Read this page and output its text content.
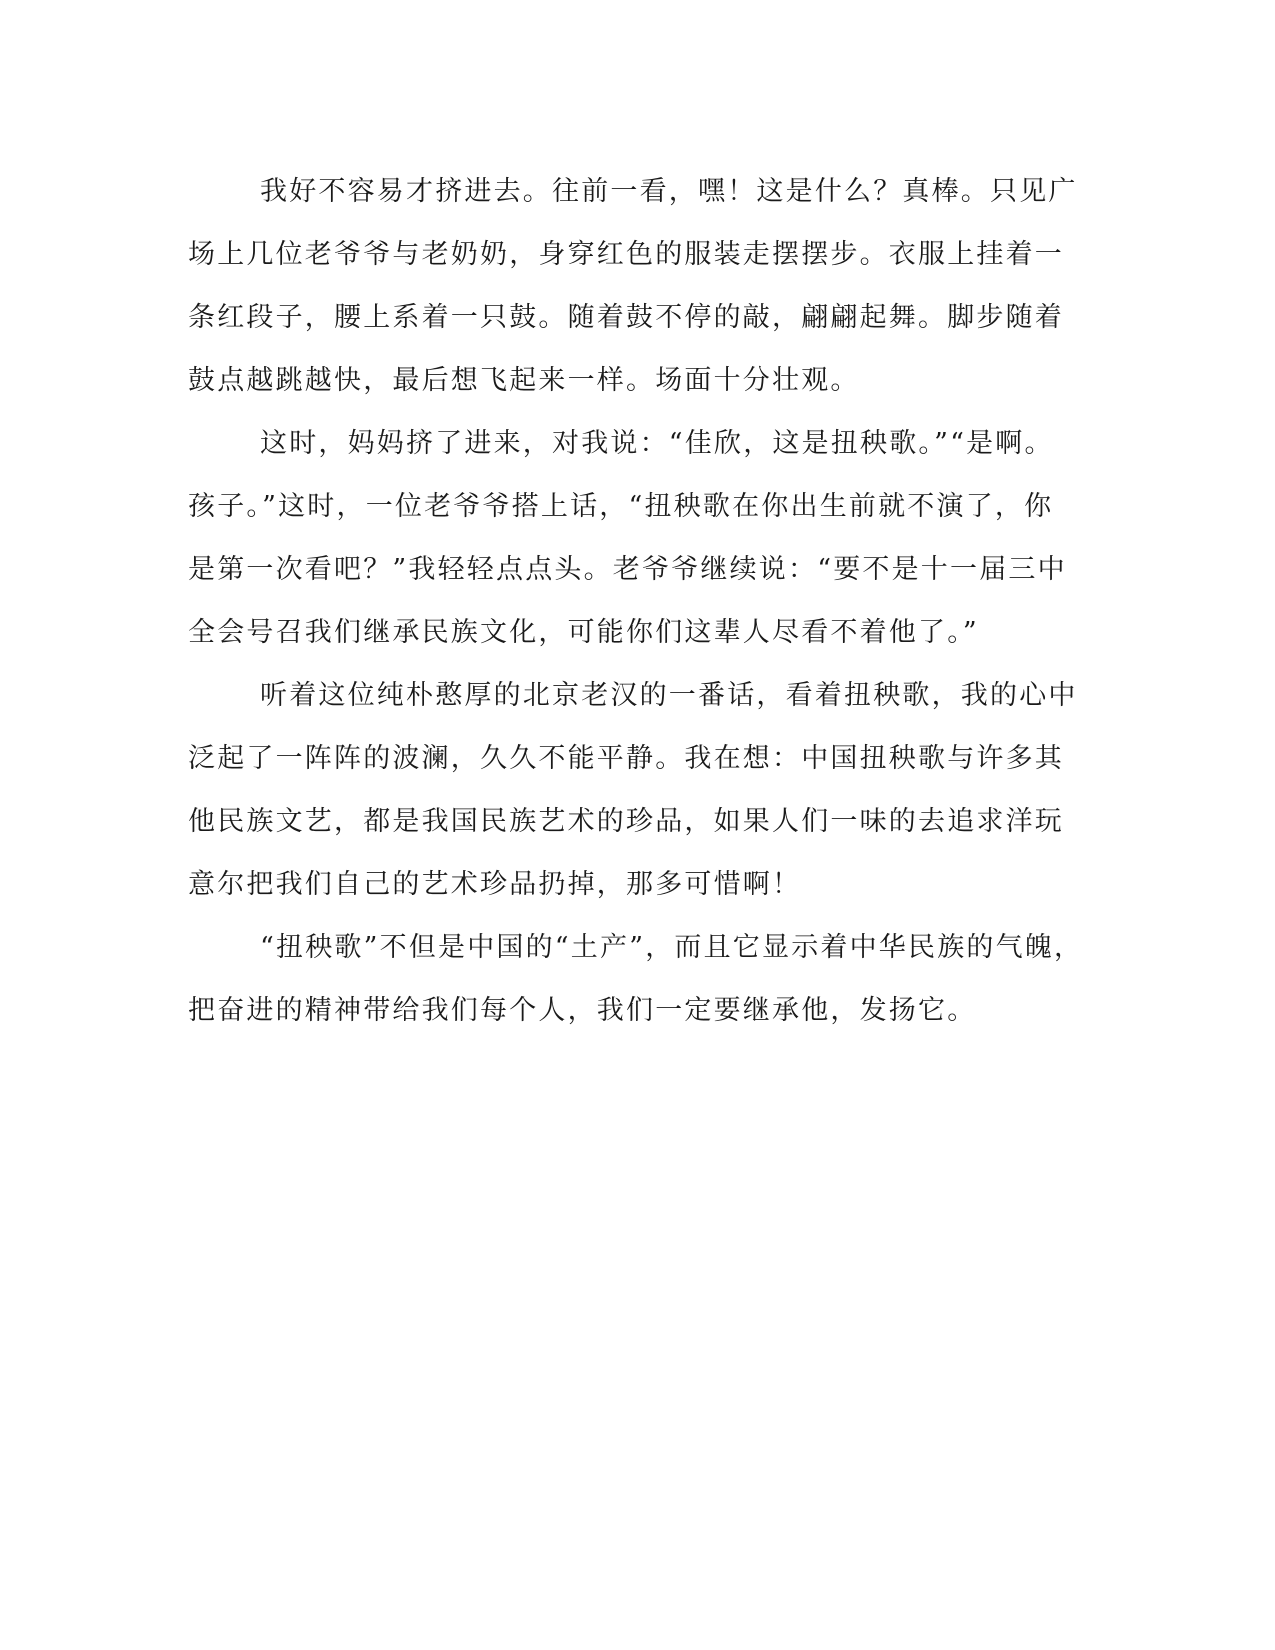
我好不容易才挤进去。往前一看，嘿！这是什么？真棒。只见广
场上几位老爷爷与老奶奶，身穿红色的服装走摆摆步。衣服上挂着一
条红段子，腰上系着一只鼓。随着鼓不停的敲，翩翩起舞。脚步随着
鼓点越跳越快，最后想飞起来一样。场面十分壮观。
这时，妈妈挤了进来，对我说：“佳欣，这是扭秧歌。”“是啊。
孩子。”这时，一位老爷爷搭上话，“扭秧歌在你出生前就不演了，你
是第一次看吧？”我轻轻点点头。老爷爷继续说：“要不是十一届三中
全会号召我们继承民族文化，可能你们这辈人尽看不着他了。”
听着这位纯朴憨厚的北京老汉的一番话，看着扭秧歌，我的心中
泛起了一阵阵的波澜，久久不能平静。我在想：中国扭秧歌与许多其
他民族文艺，都是我国民族艺术的珍品，如果人们一味的去追求洋玩
意尔把我们自己的艺术珍品扔掉，那多可惜啊！
“扭秧歌”不但是中国的“土产”，而且它显示着中华民族的气魄，
把奋进的精神带给我们每个人，我们一定要继承他，发扬它。
